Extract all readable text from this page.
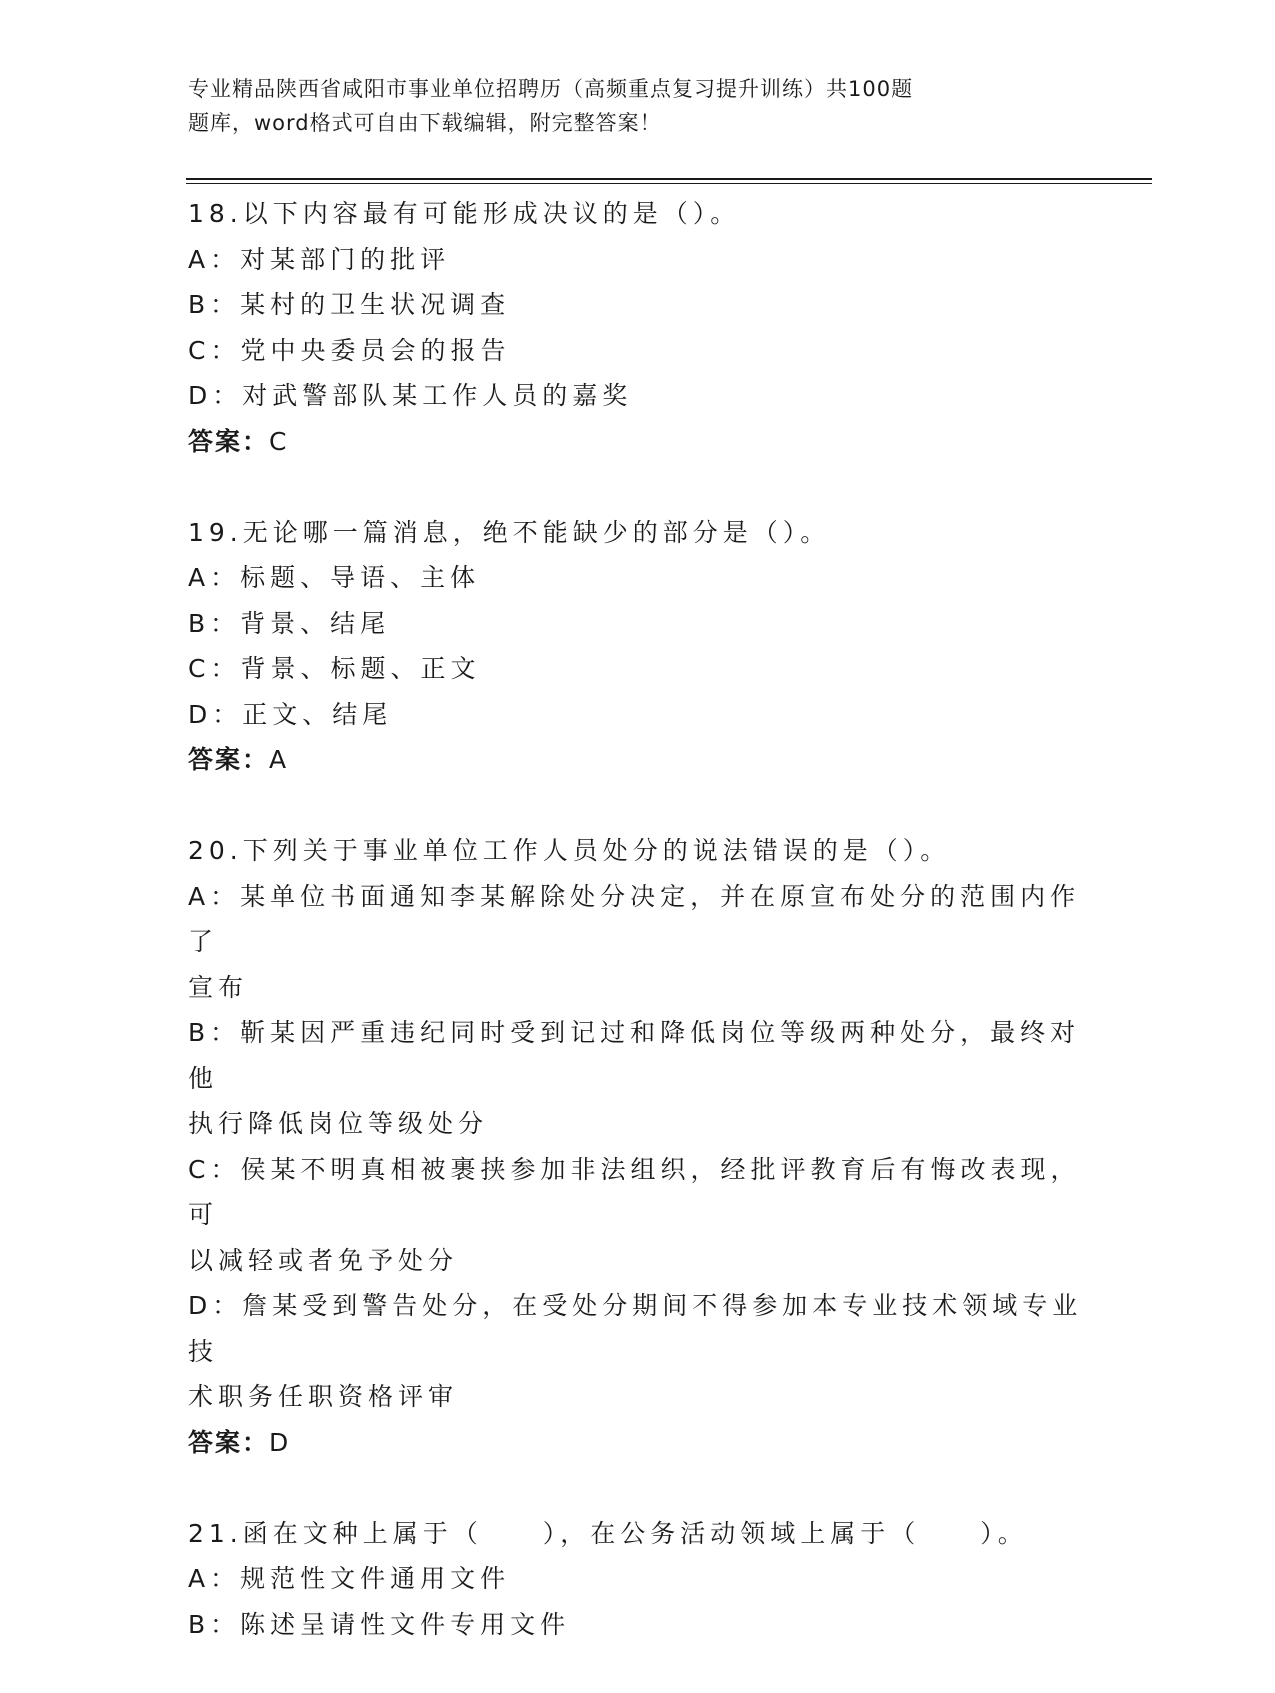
专业精品陕西省咸阳市事业单位招聘历（高频重点复习提升训练）共100题
题库，word格式可自由下载编辑，附完整答案！
18.以下内容最有可能形成决议的是（）。
A：对某部门的批评
B：某村的卫生状况调查
C：党中央委员会的报告
D：对武警部队某工作人员的嘉奖
答案：C
19.无论哪一篇消息，绝不能缺少的部分是（）。
A：标题、导语、主体
B：背景、结尾
C：背景、标题、正文
D：正文、结尾
答案：A
20.下列关于事业单位工作人员处分的说法错误的是（）。
A：某单位书面通知李某解除处分决定，并在原宣布处分的范围内作了
宣布
B：靳某因严重违纪同时受到记过和降低岗位等级两种处分，最终对他
执行降低岗位等级处分
C：侯某不明真相被裹挟参加非法组织，经批评教育后有悔改表现，可
以减轻或者免予处分
D：詹某受到警告处分，在受处分期间不得参加本专业技术领域专业技
术职务任职资格评审
答案：D
21.函在文种上属于（　　），在公务活动领域上属于（　　）。
A：规范性文件通用文件
B：陈述呈请性文件专用文件
